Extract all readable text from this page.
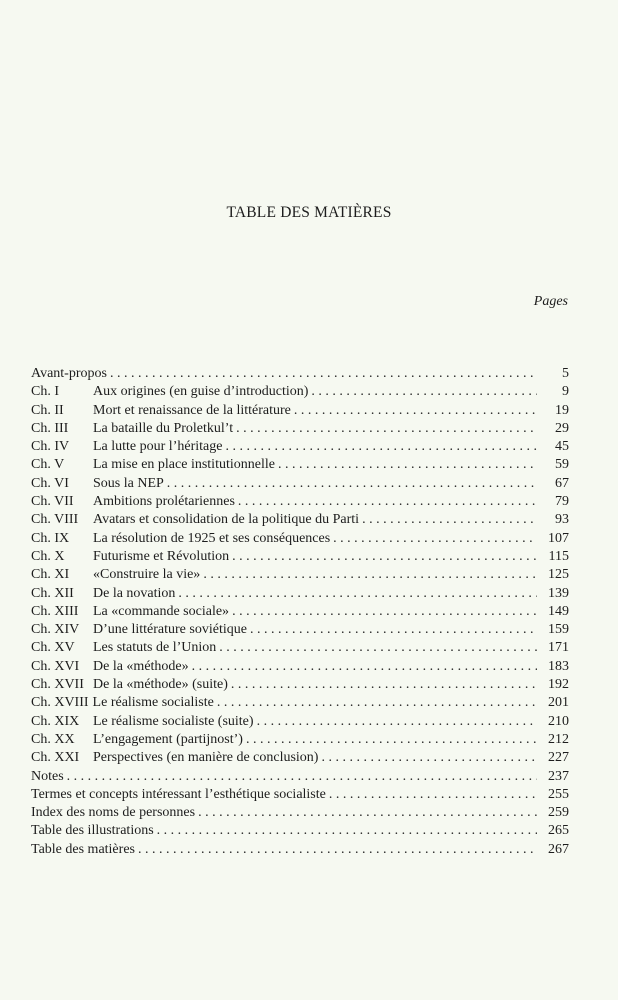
TABLE DES MATIÈRES
Pages
Avant-propos . . .	5
Ch. I	Aux origines (en guise d’introduction) . . .	9
Ch. II	Mort et renaissance de la littérature . . .	19
Ch. III	La bataille du Proletkul’t . . .	29
Ch. IV	La lutte pour l’héritage . . .	45
Ch. V	La mise en place institutionnelle . . .	59
Ch. VI	Sous la NEP . . .	67
Ch. VII	Ambitions prolétariennes . . .	79
Ch. VIII	Avatars et consolidation de la politique du Parti . . .	93
Ch. IX	La résolution de 1925 et ses conséquences . . .	107
Ch. X	Futurisme et Révolution . . .	115
Ch. XI	«Construire la vie» . . .	125
Ch. XII	De la novation . . .	139
Ch. XIII	La «commande sociale» . . .	149
Ch. XIV D’une littérature soviétique . . .	159
Ch. XV	Les statuts de l’Union . . .	171
Ch. XVI De la «méthode» . . .	183
Ch. XVII De la «méthode» (suite) . . .	192
Ch. XVIII Le réalisme socialiste . . .	201
Ch. XIX Le réalisme socialiste (suite) . . .	210
Ch. XX	L’engagement (partijnost’) . . .	212
Ch. XXI Perspectives (en manière de conclusion) . . .	227
Notes . . .	237
Termes et concepts intéressant l’esthétique socialiste . . .	255
Index des noms de personnes . . .	259
Table des illustrations . . .	265
Table des matières . . .	267
